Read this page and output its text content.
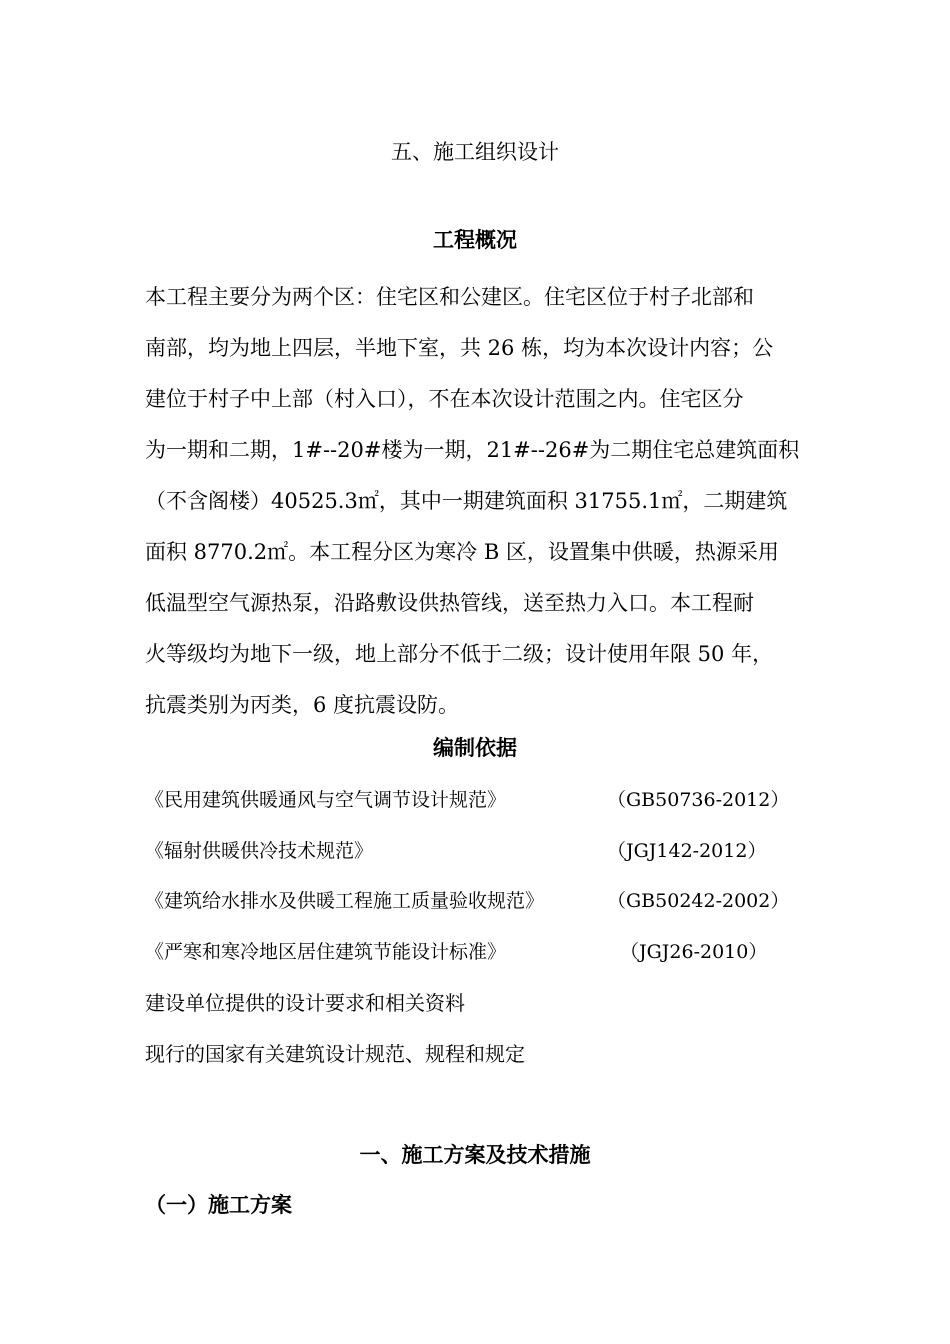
五、施工组织设计
工程概况
本工程主要分为两个区：住宅区和公建区。住宅区位于村子北部和
南部，均为地上四层，半地下室，共 26 栋，均为本次设计内容；公
建位于村子中上部（村入口），不在本次设计范围之内。住宅区分
为一期和二期，1#--20#楼为一期，21#--26#为二期住宅总建筑面积
（不含阁楼）40525.3㎡，其中一期建筑面积 31755.1㎡，二期建筑
面积 8770.2㎡。本工程分区为寒冷 B 区，设置集中供暖，热源采用
低温型空气源热泵，沿路敷设供热管线，送至热力入口。本工程耐
火等级均为地下一级，地上部分不低于二级；设计使用年限 50 年，
抗震类别为丙类，6 度抗震设防。
编制依据
《民用建筑供暖通风与空气调节设计规范》	（GB50736-2012）
《辐射供暖供冷技术规范》	（JGJ142-2012）
《建筑给水排水及供暖工程施工质量验收规范》	（GB50242-2002）
《严寒和寒冷地区居住建筑节能设计标准》	（JGJ26-2010）
建设单位提供的设计要求和相关资料
现行的国家有关建筑设计规范、规程和规定
一、施工方案及技术措施
（一）施工方案
